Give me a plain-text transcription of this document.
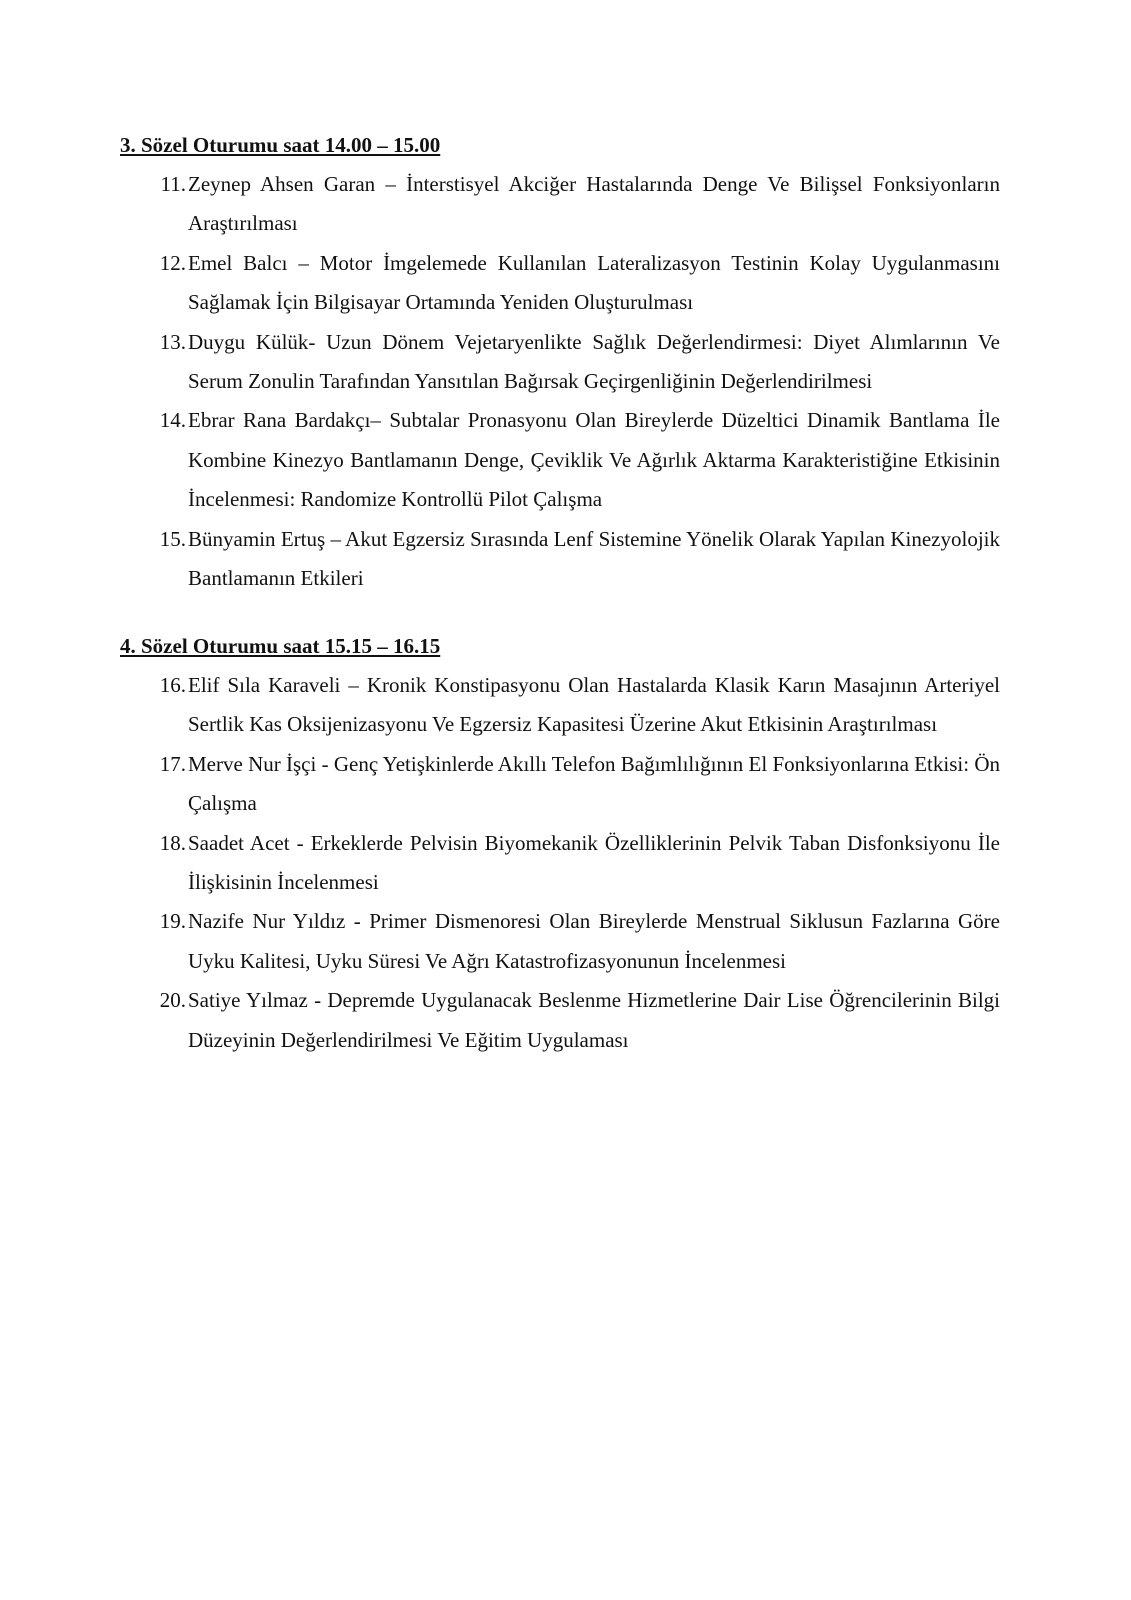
3. Sözel Oturumu saat 14.00 – 15.00
11. Zeynep Ahsen Garan – İnterstisyel Akciğer Hastalarında Denge Ve Bilişsel Fonksiyonların Araştırılması
12. Emel Balcı – Motor İmgelemede Kullanılan Lateralizasyon Testinin Kolay Uygulanmasını Sağlamak İçin Bilgisayar Ortamında Yeniden Oluşturulması
13. Duygu Külük- Uzun Dönem Vejetaryenlikte Sağlık Değerlendirmesi: Diyet Alımlarının Ve Serum Zonulin Tarafından Yansıtılan Bağırsak Geçirgenliğinin Değerlendirilmesi
14. Ebrar Rana Bardakçı– Subtalar Pronasyonu Olan Bireylerde Düzeltici Dinamik Bantlama İle Kombine Kinezyo Bantlamanın Denge, Çeviklik Ve Ağırlık Aktarma Karakteristiğine Etkisinin İncelenmesi: Randomize Kontrollü Pilot Çalışma
15. Bünyamin Ertuş – Akut Egzersiz Sırasında Lenf Sistemine Yönelik Olarak Yapılan Kinezyolojik Bantlamanın Etkileri
4. Sözel Oturumu saat 15.15 – 16.15
16. Elif Sıla Karaveli – Kronik Konstipasyonu Olan Hastalarda Klasik Karın Masajının Arteriyel Sertlik Kas Oksijenizasyonu Ve Egzersiz Kapasitesi Üzerine Akut Etkisinin Araştırılması
17. Merve Nur İşçi - Genç Yetişkinlerde Akıllı Telefon Bağımlılığının El Fonksiyonlarına Etkisi: Ön Çalışma
18. Saadet Acet - Erkeklerde Pelvisin Biyomekanik Özelliklerinin Pelvik Taban Disfonksiyonu İle İlişkisinin İncelenmesi
19. Nazife Nur Yıldız - Primer Dismenoresi Olan Bireylerde Menstrual Siklusun Fazlarına Göre Uyku Kalitesi, Uyku Süresi Ve Ağrı Katastrofizasyonunun İncelenmesi
20. Satiye Yılmaz - Depremde Uygulanacak Beslenme Hizmetlerine Dair Lise Öğrencilerinin Bilgi Düzeyinin Değerlendirilmesi Ve Eğitim Uygulaması
